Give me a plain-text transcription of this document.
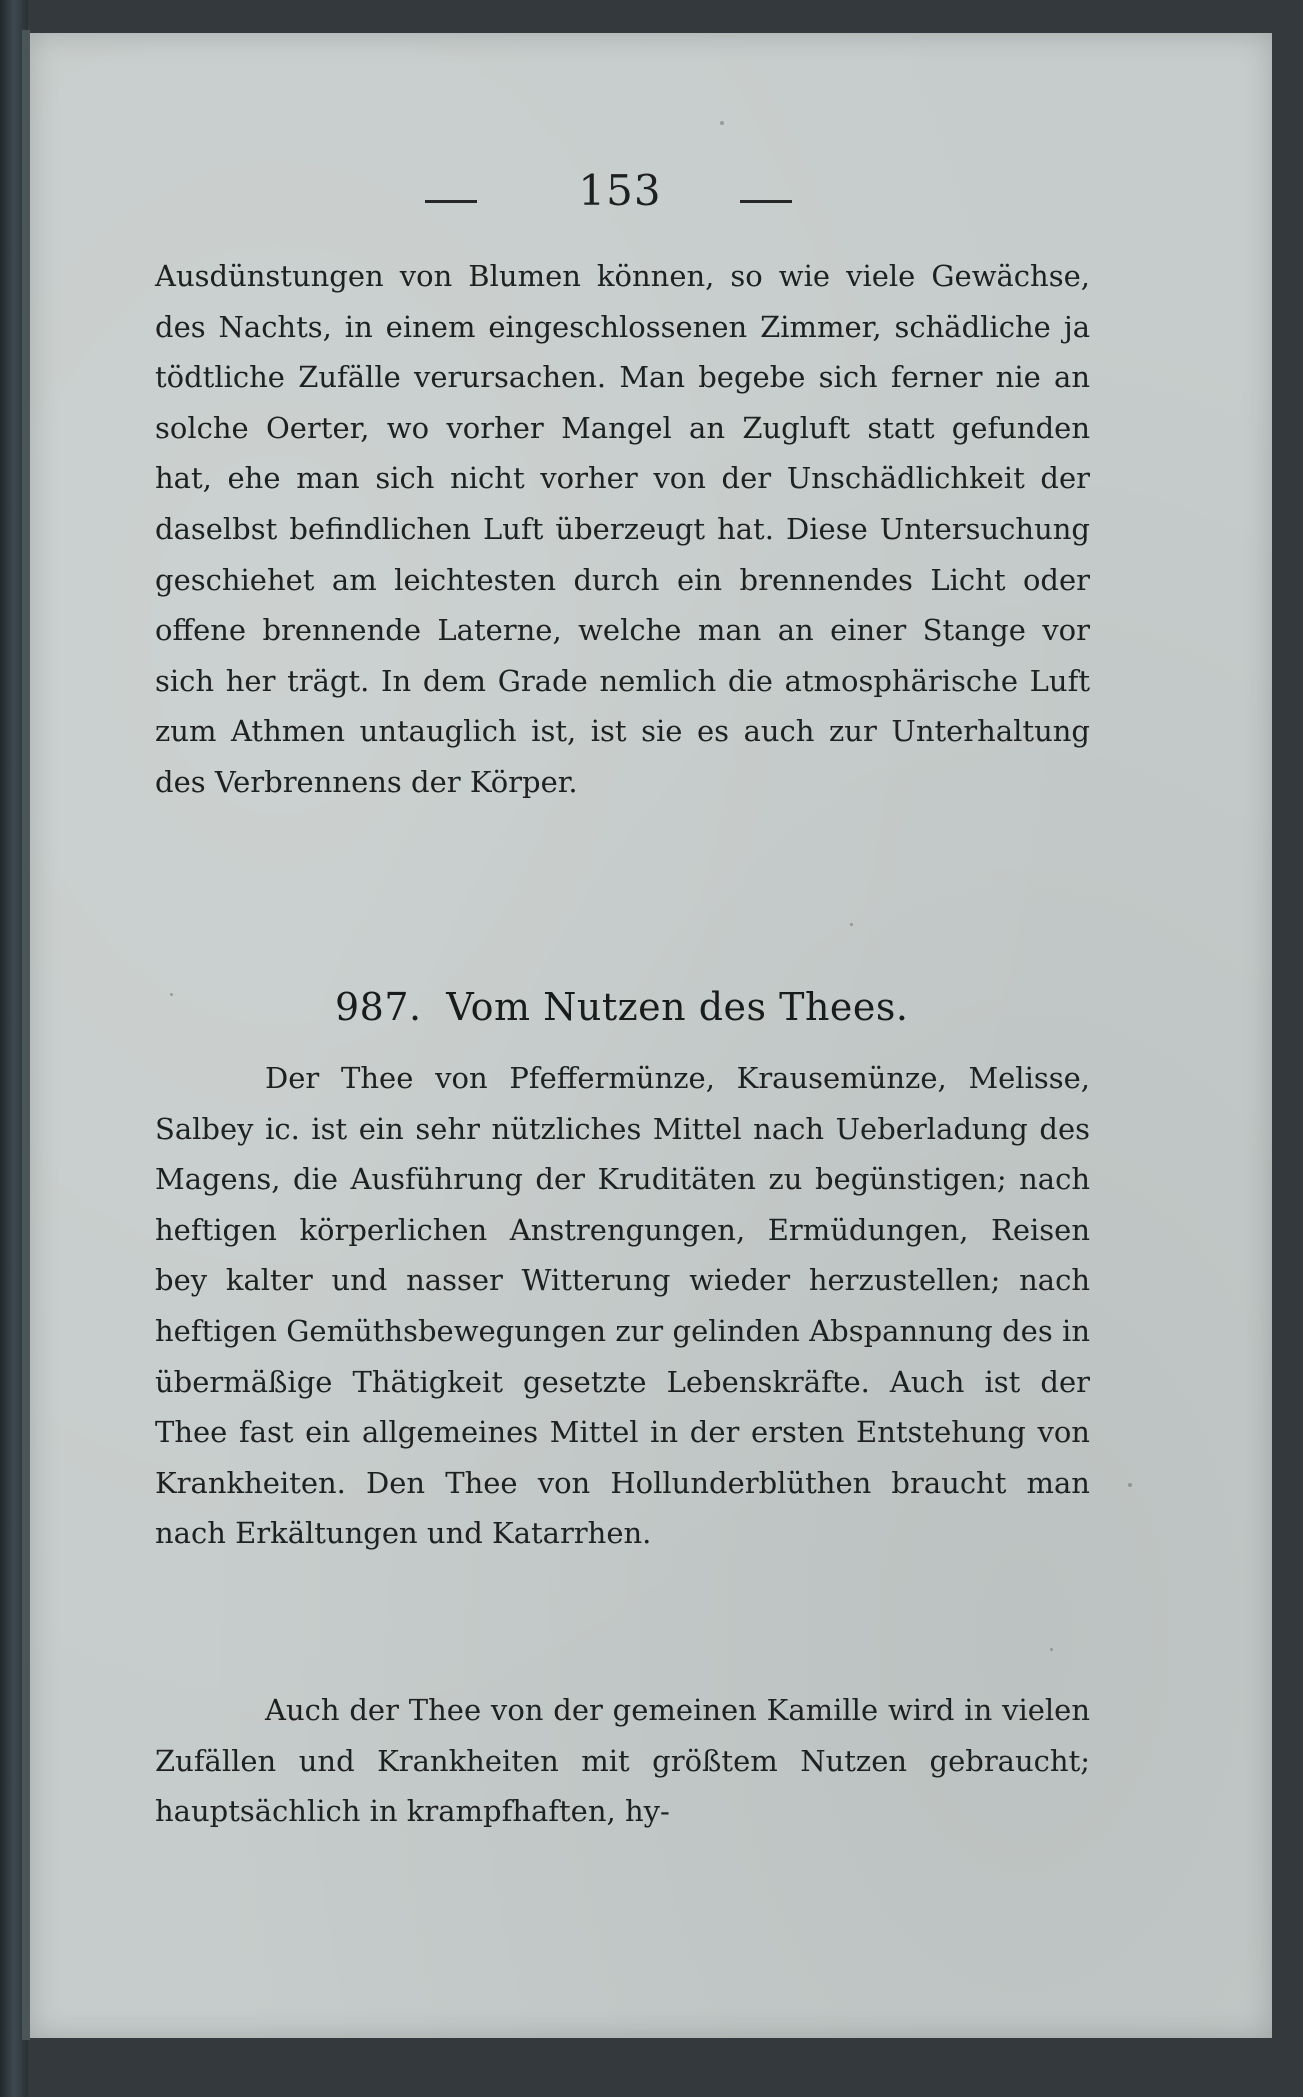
153
Ausdünstungen von Blumen können, so wie viele Gewächse, des Nachts, in einem eingeschlossenen Zimmer, schädliche ja tödtliche Zufälle verursachen. Man begebe sich ferner nie an solche Oerter, wo vorher Mangel an Zugluft statt gefunden hat, ehe man sich nicht vorher von der Unschädlichkeit der daselbst befindlichen Luft überzeugt hat. Diese Untersuchung geschiehet am leichtesten durch ein brennendes Licht oder offene brennende Laterne, welche man an einer Stange vor sich her trägt. In dem Grade nemlich die atmosphärische Luft zum Athmen untauglich ist, ist sie es auch zur Unterhaltung des Verbrennens der Körper.
987. Vom Nutzen des Thees.
Der Thee von Pfeffermünze, Krausemünze, Melisse, Salbey ic. ist ein sehr nützliches Mittel nach Ueberladung des Magens, die Ausführung der Kruditäten zu begünstigen; nach heftigen körperlichen Anstrengungen, Ermüdungen, Reisen bey kalter und nasser Witterung wieder herzustellen; nach heftigen Gemüthsbewegungen zur gelinden Abspannung des in übermäßige Thätigkeit gesetzte Lebenskräfte. Auch ist der Thee fast ein allgemeines Mittel in der ersten Entstehung von Krankheiten. Den Thee von Hollunderblüthen braucht man nach Erkältungen und Katarrhen.
Auch der Thee von der gemeinen Kamille wird in vielen Zufällen und Krankheiten mit größtem Nutzen gebraucht; hauptsächlich in krampfhaften, hy-
